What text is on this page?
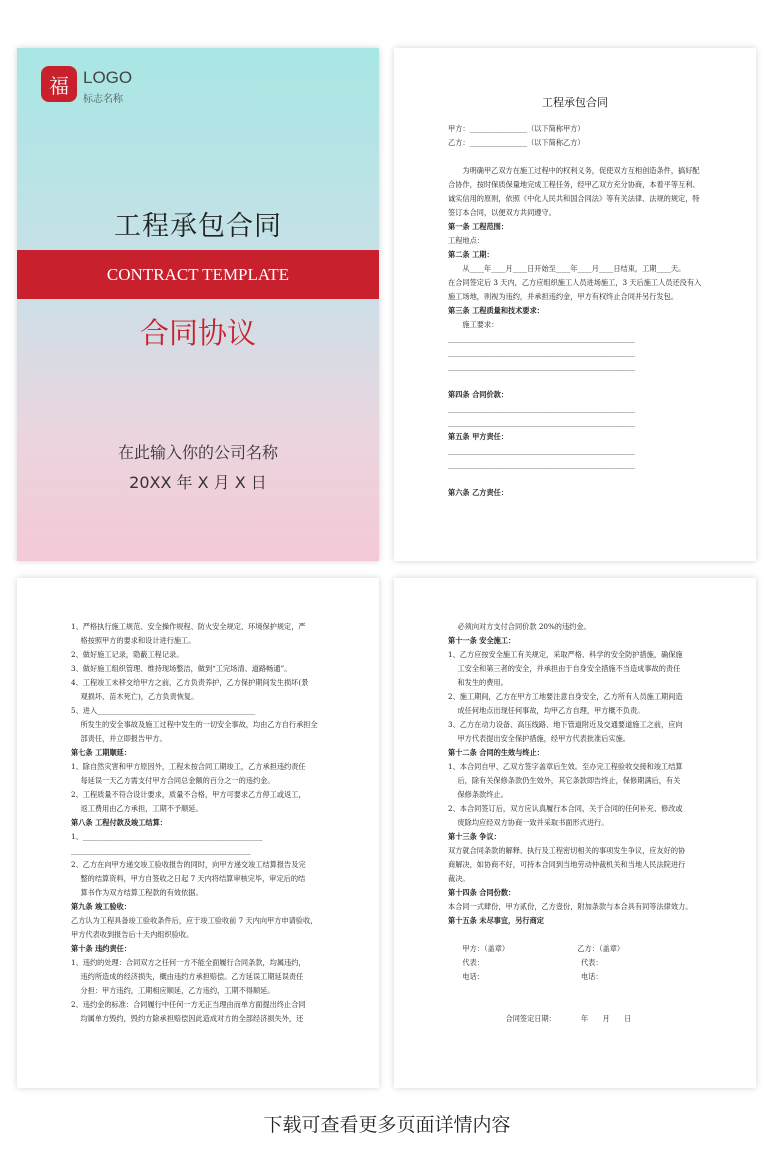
福 LOGO
标志名称
工程承包合同
CONTRACT TEMPLATE
合同协议
在此输入你的公司名称
20XX 年 X 月 X 日
工程承包合同
甲方：________________（以下简称甲方）
乙方：________________（以下简称乙方）
　　为明确甲乙双方在施工过程中的权利义务，促使双方互相创造条件，搞好配
合协作，按时保质保量地完成工程任务，经甲乙双方充分协商，本着平等互利、
诚实信用的原则，依照《中化人民共和国合同法》等有关法律、法规的规定，特
签订本合同，以便双方共同遵守。
第一条 工程范围：
工程地点：
第二条 工期：
　　从____年____月____日开始至____年____月____日结束，工期____天。
在合同签定后 3 天内，乙方应组织施工人员进场施工，3 天后施工人员还没有入
施工场地，则视为违约，并承担违约金，甲方有权终止合同并另行发包。
第三条 工程质量和技术要求：
　　施工要求：
____________________________________________________
____________________________________________________
____________________________________________________
第四条 合同价款：
____________________________________________________
____________________________________________________
第五条 甲方责任：
____________________________________________________
____________________________________________________
第六条 乙方责任：
1、严格执行施工规范、安全操作规程、防火安全规定、环境保护规定，严
　 格按照甲方的要求和设计进行施工。
2、做好施工记录，隐蔽工程记录。
3、做好施工组织管理、维持现场整洁，做到“工完场清、道路畅通”。
4、工程竣工未移交给甲方之前，乙方负责养护，乙方保护期间发生损坏(景
　 观损坏、苗木死亡)，乙方负责恢复。
5、进入____________________________________________
　 所发生的安全事故及施工过程中发生的一切安全事故，均由乙方自行承担全
　 部责任，并立即报告甲方。
第七条 工期顺延：
1、除自然灾害和甲方原因外，工程未按合同工期竣工，乙方承担违约责任
　 每延误一天乙方需支付甲方合同总金额的百分之一的违约金。
2、工程质量不符合设计要求，质量不合格，甲方可要求乙方停工或返工，
　 返工费用由乙方承担，工期不予顺延。
第八条 工程付款及竣工结算：
1、__________________________________________________
__________________________________________________
2、乙方在向甲方递交竣工验收报告的同时，向甲方递交竣工结算报告及完
　 整的结算资料，甲方自签收之日起 7 天内将结算审核完毕，审定后的结
　 算书作为双方结算工程款的有效依据。
第九条 竣工验收：
乙方认为工程具备竣工验收条件后，应于竣工验收前 7 天内向甲方申请验收，
甲方代表收到报告后十天内组织验收。
第十条 违约责任：
1、违约的处理：合同双方之任何一方不能全面履行合同条款，均属违约，
　 违约所造成的经济损失，概由违约方承担赔偿。乙方延误工期延误责任
　 分担：甲方违约，工期相应顺延，乙方违约，工期不得顺延。
2、违约金的标准：合同履行中任何一方无正当理由而单方面提出终止合同
　 均属单方毁约，毁约方除承担赔偿因此造成对方的全部经济损失外，还
　 必须向对方支付合同价款 20%的违约金。
第十一条 安全施工：
1、乙方应按安全施工有关规定，采取严格、科学的安全防护措施，确保施
　 工安全和第三者的安全，并承担由于自身安全措施不当造成事故的责任
　 和发生的费用。
2、施工期间，乙方在甲方工地要注意自身安全，乙方所有人员施工期间造
　 成任何地点出现任何事故，均甲乙方自理，甲方概不负责。
3、乙方在动力设备、高压线路、地下管道附近及交通要道施工之前，应向
　 甲方代表提出安全保护措施，经甲方代表批准后实施。
第十二条 合同的生效与终止：
1、本合同自甲、乙双方签字盖章后生效。至办完工程验收交接和竣工结算
　 后，除有关保修条款仍生效外，其它条款即告终止，保修期满后，有关
　 保修条款终止。
2、本合同签订后，双方应认真履行本合同，关于合同的任何补充、修改或
　 废除均应经双方协商一致并采取书面形式进行。
第十三条 争议：
双方就合同条款的解释、执行及工程密切相关的事项发生争议，应友好的协
商解决，如协商不好，可持本合同到当地劳动仲裁机关和当地人民法院进行
裁决。
第十四条 合同份数：
本合同一式肆份，甲方贰份，乙方壹份，附加条款与本合具有同等法律效力。
第十五条 未尽事宜，另行商定
　　甲方：（盖章）　　　　　　　　　　乙方：（盖章）
　　代表：　　　　　　　　　　　　　　代表：
　　电话：　　　　　　　　　　　　　　电话：
　　　　　　　　合同签定日期：　　　　年　　月　　日
下载可查看更多页面详情内容
